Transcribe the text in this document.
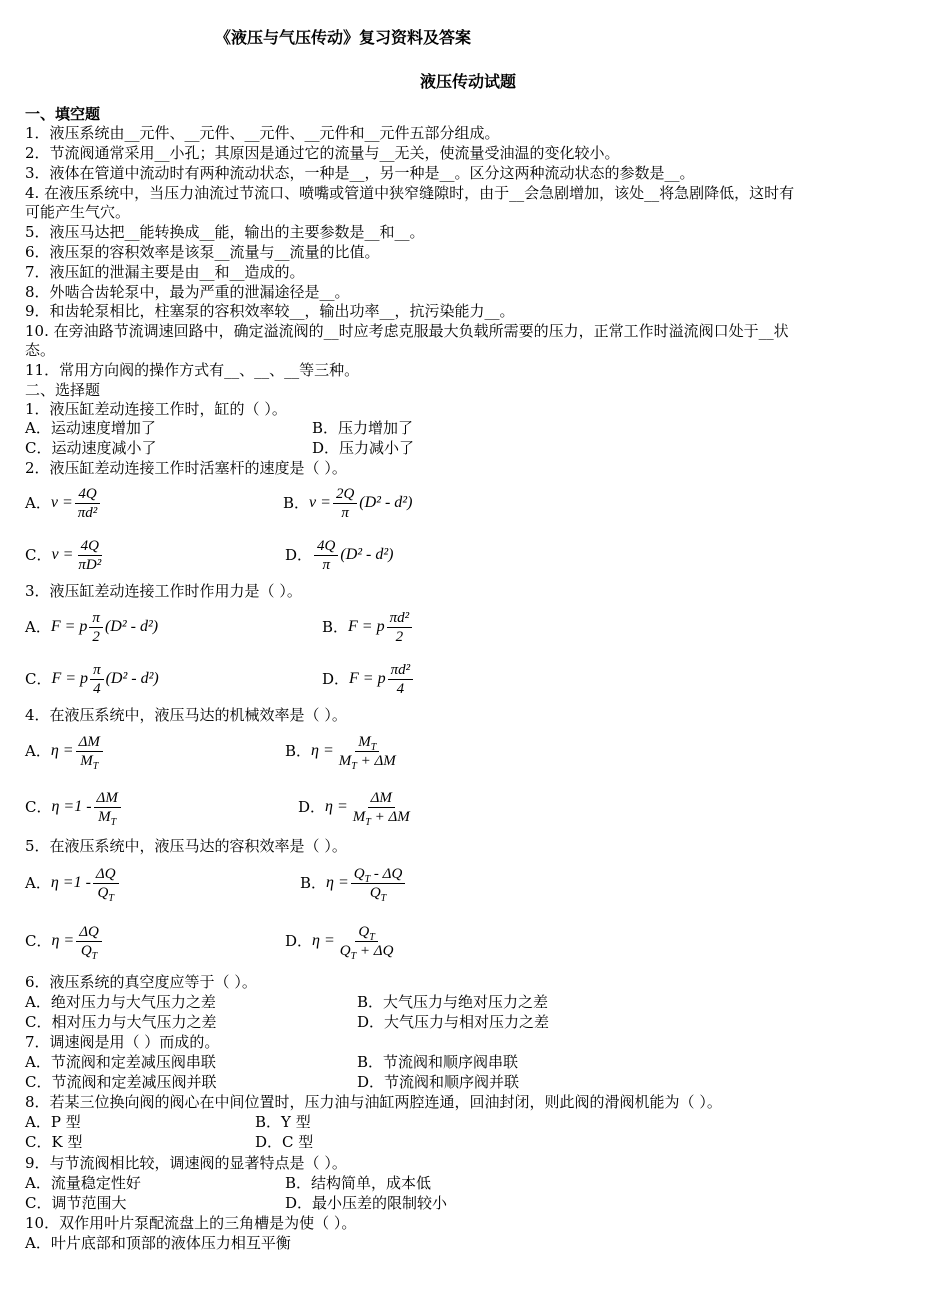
《液压与气压传动》复习资料及答案
液压传动试题
一、填空题
1．液压系统由__元件、__元件、__元件、__元件和__元件五部分组成。
2．节流阀通常采用__小孔；其原因是通过它的流量与__无关，使流量受油温的变化较小。
3．液体在管道中流动时有两种流动状态，一种是__，另一种是__。区分这两种流动状态的参数是__。
4. 在液压系统中，当压力油流过节流口、喷嘴或管道中狭窄缝隙时，由于__会急剧增加，该处__将急剧降低，这时有
可能产生气穴。
5．液压马达把__能转换成__能，输出的主要参数是__和__。
6．液压泵的容积效率是该泵__流量与__流量的比值。
7．液压缸的泄漏主要是由__和__造成的。
8．外啮合齿轮泵中，最为严重的泄漏途径是__。
9．和齿轮泵相比，柱塞泵的容积效率较__，输出功率__，抗污染能力__。
10. 在旁油路节流调速回路中，确定溢流阀的__时应考虑克服最大负载所需要的压力，正常工作时溢流阀口处于__状
态。
11．常用方向阀的操作方式有__、__、__等三种。
二、选择题
1．液压缸差动连接工作时，缸的（ ）。
A．运动速度增加了	B．压力增加了
C．运动速度减小了	D．压力减小了
2．液压缸差动连接工作时活塞杆的速度是（ ）。
A． $v = \frac{4Q}{\text{πd²}}$	B． $v = \frac{2Q}{\pi} (D^2 - d^2)$
C． $v = \frac{4Q}{\text{πD²}}$	D． $\frac{4Q}{\pi} (D^2 - d^2)$
3．液压缸差动连接工作时作用力是（ ）。
A． F = p $\frac{\pi}{2} (D^2 - d^2)$	B． F = p $\frac{\text{πd²}}{2}$
C． F = p $\frac{\pi}{4} (D^2 - d^2)$	D． F = p $\frac{\text{πd²}}{4}$
4．在液压系统中，液压马达的机械效率是（ ）。
A． $\eta = \frac{\Delta M}{M_T}$	B． $\eta = \frac{M_T}{M_T + \Delta M}$
C． $\eta =1 - \frac{\Delta M}{M_T}$	D． $\eta = \frac{\Delta M}{M_T + \Delta M}$
5．在液压系统中，液压马达的容积效率是（ ）。
A． $\eta =1 - \frac{\Delta Q}{Q_T}$	B． $\eta = \frac{Q_T - \Delta Q}{Q_T}$
C． $\eta = \frac{\Delta Q}{Q_T}$	D． $\eta = \frac{Q_T}{Q_T + \Delta Q}$
6．液压系统的真空度应等于（ ）。
A．绝对压力与大气压力之差	B．大气压力与绝对压力之差
C．相对压力与大气压力之差	D．大气压力与相对压力之差
7．调速阀是用（ ）而成的。
A．节流阀和定差减压阀串联	B．节流阀和顺序阀串联
C．节流阀和定差减压阀并联	D．节流阀和顺序阀并联
8．若某三位换向阀的阀心在中间位置时，压力油与油缸两腔连通，回油封闭，则此阀的滑阀机能为（ ）。
A．P 型	B．Y 型
C．K 型	D．C 型
9．与节流阀相比较，调速阀的显著特点是（ ）。
A．流量稳定性好	B．结构简单，成本低
C．调节范围大	D．最小压差的限制较小
10．双作用叶片泵配流盘上的三角槽是为使（ ）。
A．叶片底部和顶部的液体压力相互平衡
